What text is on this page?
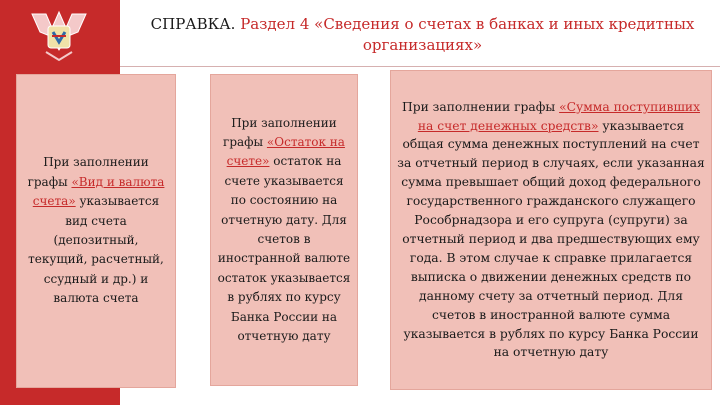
СПРАВКА. Раздел 4 «Сведения о счетах в банках и иных кредитных организациях»
При заполнении графы «Вид и валюта счета» указывается вид счета (депозитный, текущий, расчетный, ссудный и др.) и валюта счета
При заполнении графы «Остаток на счете» остаток на счете указывается по состоянию на отчетную дату. Для счетов в иностранной валюте остаток указывается в рублях по курсу Банка России на отчетную дату
При заполнении графы «Сумма поступивших на счет денежных средств» указывается общая сумма денежных поступлений на счет за отчетный период в случаях, если указанная сумма превышает общий доход федерального государственного гражданского служащего Рособрнадзора и его супруга (супруги) за отчетный период и два предшествующих ему года. В этом случае к справке прилагается выписка о движении денежных средств по данному счету за отчетный период. Для счетов в иностранной валюте сумма указывается в рублях по курсу Банка России на отчетную дату
